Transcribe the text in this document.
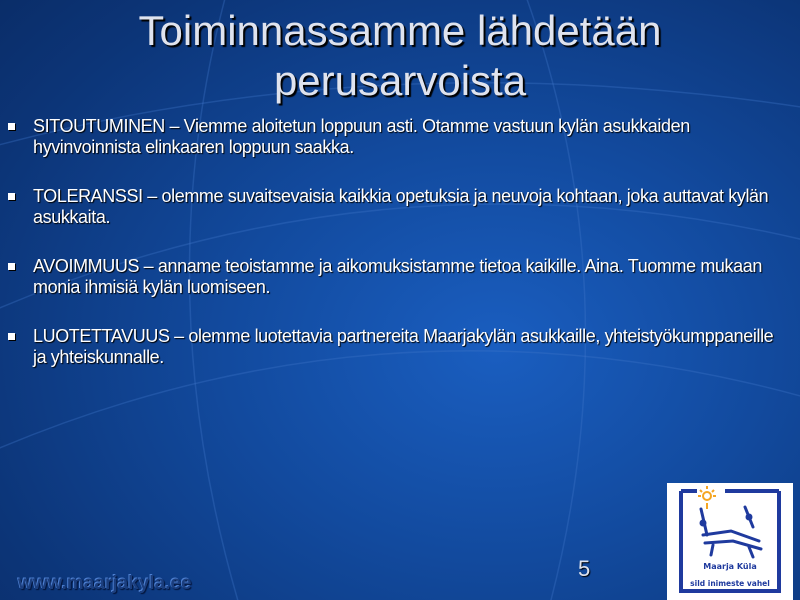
Toiminnassamme lähdetään
perusarvoista
SITOUTUMINEN – Viemme aloitetun loppuun asti. Otamme vastuun kylän asukkaiden hyvinvoinnista elinkaaren loppuun saakka.
TOLERANSSI – olemme suvaitsevaisia kaikkia opetuksia ja neuvoja kohtaan, joka auttavat kylän asukkaita.
AVOIMMUUS – anname teoistamme ja aikomuksistamme tietoa kaikille. Aina. Tuomme mukaan monia ihmisiä kylän luomiseen.
LUOTETTAVUUS – olemme luotettavia partnereita Maarjakylän asukkaille, yhteistyökumppaneille ja yhteiskunnalle.
5
www.maarjakyla.ee
Maarja Küla
sild inimeste vahel
